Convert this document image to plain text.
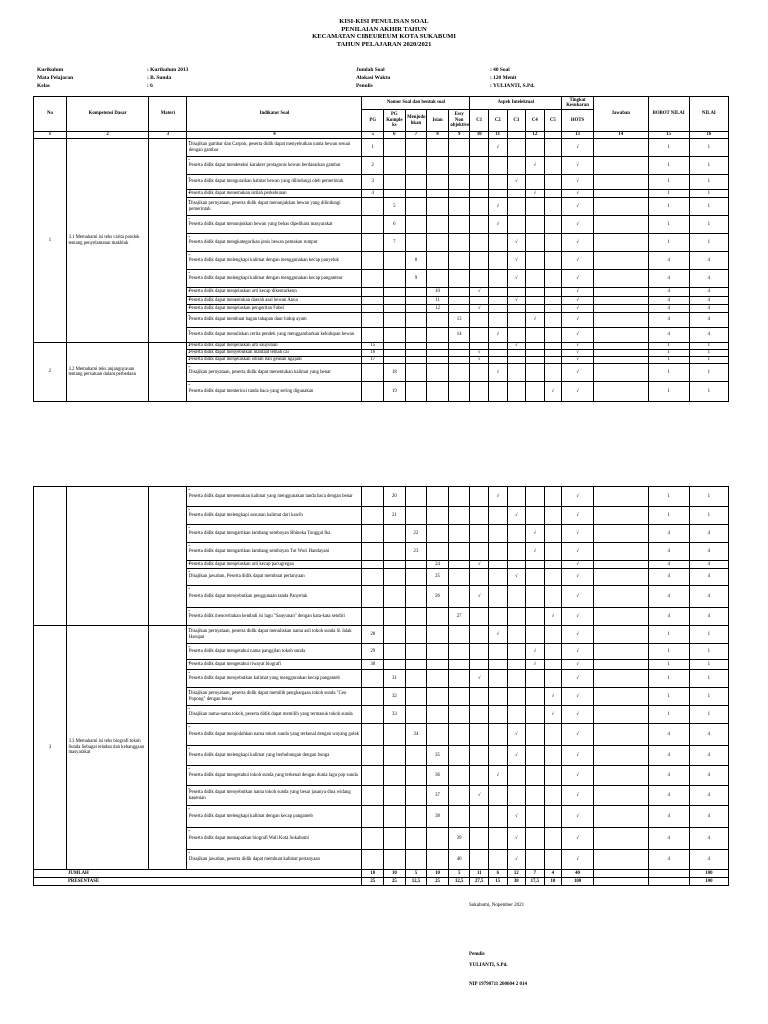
KISI-KISI PENULISAN SOAL
PENILAIAN AKHIR TAHUN
KECAMATAN CIBEUREUM KOTA SUKABUMI
TAHUN PELAJARAN 2020/2021
Kurikulum	: Kurikulum 2013
Mata Pelajaran	: B. Sunda
Kelas	: 6
Jumlah Soal	: 40 Soal
Alokasi Waktu	: 120 Menit
Penulis	: YULIANTI, S.Pd.
No	Kompetensi Dasar	Materi	Indikator Soal	Nomor Soal dan bentuk soal					Aspek Intelektual					Tingkat Kesukaran	Jawaban	BOBOT NILAI	NILAI
				PG	PG Komple ks	Menjodo hkan	Isian	Essy Non objektive	C1	C2	C3	C4	C5	HOTS			
1	2	3	4	5	6	7	8	9	10	11		12		13	14	15	16
1	3.1 Memahami isi teks carita pondok tentang penyelamatan makhluk		• Disajikan gambar dan Carpon, peserta didik dapat menyebutkan nama hewan sesuai dengan gambar	1						√				√		1	1
			• Peserta didik dapat mendeteksi karakter protagonis hewan berdasarkan gambar	2								√		√		1	1
			• Peserta didik dapat menguraikan habitat hewan yang dilindungi oleh pemerintah	3							√			√		1	1
			• Peserta didik dapat menemukan istilah perkebunan	4								√		√		1	1
			• Disajikan pernyataan, peserta didik dapat menunjukkan hewan yang dilindungi pemerintah		5					√				√		1	1
			• Peserta didik dapat menunjukkan hewan yang bebas dipelihara masyarakat		6					√				√		1	1
			• Peserta didik dapat mengkategorikan jenis hewan pemakan rumput		7						√			√		1	1
			• Peserta didik dapat melengkapi kalimat dengan menggunakan kecap panyeluk			8					√			√		4	4
			• Peserta didik dapat melengkapi kalimat dengan menggunakan kecap panganteur			9					√			√		4	4
			• Peserta didik dapat menjelaskan arti kecap dikentarkeun				10		√					√		4	4
			• Peserta didik dapat menentukan daerah asal hewan Anoa				11				√			√		4	4
			• Peserta didik dapat menjelaskan pengertian Fabel				12		√					√		4	4
			• Peserta didik dapat membuat bagan tahapan daur hidup ayam					13				√		√		4	4
			• Peserta didik dapat menuliskan cerita pendek yang menggambarkan kehidupan hewan					14		√				√		4	4
2	3.2 Memahami teks anjangnyauan tentang persatuan dalam perbedaan		• Peserta didik dapat menjelaskan arti sauyunan	15							√			√		1	1
			• Peserta didik dapat menyebutkan manfaat lemah cai	16					√					√		1	1
			• Peserta didik dapat menjelaskan istilah bali geusan ngajadi	17					√					√		1	1
			• Disajikan pernyataan, peserta didik dapat menentukan kalimat yang benar		18					√				√		1	1
			• Peserta didik dapat memerinci tanda baca yang sering digunakan		19								√	√		1	1
			• Peserta didik dapat menentukan kalimat yang menggunakan tanda baca dengan benar		20					√				√		1	1
			• Peserta didik dapat melengkapi susunan kalimat dari kawih		21						√			√		1	1
			• Peserta didik dapat mengartikan lambang semboyan Bhineka Tunggal Ika			22						√		√		4	4
			• Peserta didik dapat mengartikan lambang semboyan Tut Wuri Handayani			23						√		√		4	4
			• Peserta didik dapat menjelaskan arti kecap pacugregan				24		√					√		4	4
			• Disajikan jawaban, Peserta didik dapat membuat pertanyaan				25				√			√		4	4
			• Peserta didik dapat menyebutkan penggunaan tanda Panyeluk				26		√					√		4	4
			• Peserta didik menceritakan kembali isi lagu "Sauyunan" dengan kata-kata sendiri					27					√	√		4	4
3	3.3 Memahami isi teks biografi tokoh Sunda Sebagai teladan dan kebanggaan masyarakat		• Disajikan pernyataan, peserta didik dapat menuliskan nama asli tokoh sunda Si Jalak Harupat	28						√				√		1	1
			• Peserta didik dapat mengetahui nama panggilan tokoh sunda	29								√		√		1	1
			• Peserta didik dapat mengetahui riwayat biografi	30								√		√		1	1
			• Peserta didik dapat menyebutkan kalimat yang menggunakan kecap panganteb		31				√					√		1	1
			• Disajikan pernyataan, peserta didik dapat memilih penghargaan tokoh sunda "Ceu Popong" dengan benar		32								√	√		1	1
			• Disajikan nama-nama tokoh, peserta didik dapat memilih yang termasuk tokoh sunda		33								√	√		1	1
			• Peserta didik dapat menjodohkan nama tokoh sunda yang terkenal dengan wayang golek			34					√			√		4	4
			• Peserta didik dapat melengkapi kalimat yang berhubungan dengan bunga				35				√			√		4	4
			• Peserta didik dapat mengetahui tokoh sunda yang terkenal dengan dunia lagu pop sunda				36			√				√		4	4
			• Peserta didik dapat menyebutkan nama tokoh sunda yang besar jasanya dina widang kasenian				37		√					√		4	4
			• Peserta didik dapat melengkapi kalimat dengan kecap panganteb				38				√			√		4	4
			• Peserta didik dapat memaparkan biografi Wali Kota Sukabumi					39			√			√		4	4
			• Disajikan jawaban, peserta didik dapat membuat kalimat pertanyaan					40			√			√		4	4
JUMLAH				10	10	5	10	5	11	6	12	7	4	40			100
PRESENTASE				25	25	12,5	25	12,5	27,5	15	30	17,5	10	100			100
Sukabumi, Nopember 2021
Penulis
YULIANTI, S.Pd.
NIP 19790711 200604 2 014
